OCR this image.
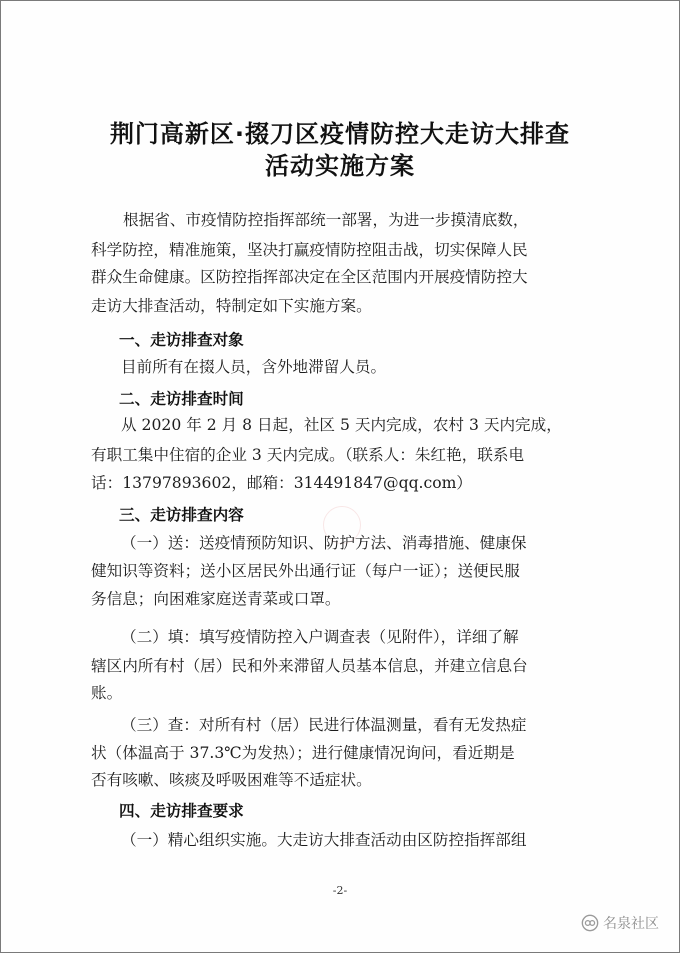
荆门高新区·掇刀区疫情防控大走访大排查
活动实施方案
根据省、市疫情防控指挥部统一部署，为进一步摸清底数，
科学防控，精准施策，坚决打赢疫情防控阻击战，切实保障人民
群众生命健康。区防控指挥部决定在全区范围内开展疫情防控大
走访大排查活动，特制定如下实施方案。
一、走访排查对象
目前所有在掇人员，含外地滞留人员。
二、走访排查时间
从 2020 年 2 月 8 日起，社区 5 天内完成，农村 3 天内完成，
有职工集中住宿的企业 3 天内完成。（联系人：朱红艳，联系电
话：13797893602，邮箱：314491847@qq.com）
三、走访排查内容
（一）送：送疫情预防知识、防护方法、消毒措施、健康保
健知识等资料；送小区居民外出通行证（每户一证）；送便民服
务信息；向困难家庭送青菜或口罩。
（二）填：填写疫情防控入户调查表（见附件），详细了解
辖区内所有村（居）民和外来滞留人员基本信息，并建立信息台
账。
（三）查：对所有村（居）民进行体温测量，看有无发热症
状（体温高于 37.3℃为发热）；进行健康情况询问，看近期是
否有咳嗽、咳痰及呼吸困难等不适症状。
四、走访排查要求
（一）精心组织实施。大走访大排查活动由区防控指挥部组
-2-
名泉社区
